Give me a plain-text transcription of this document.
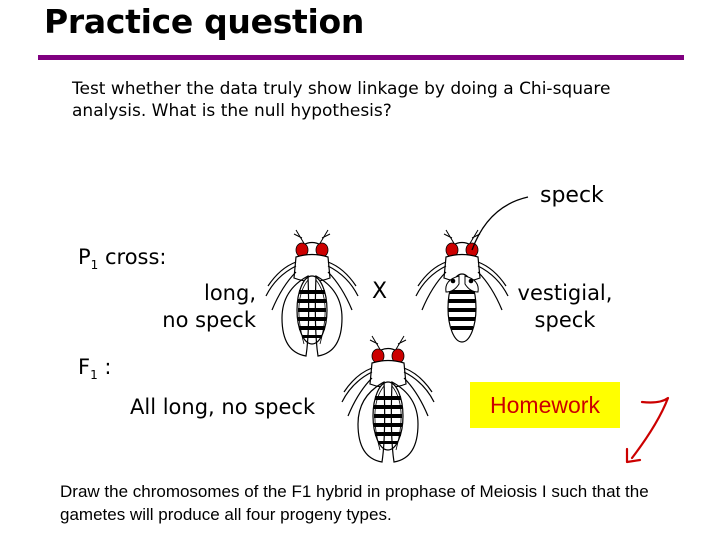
Practice question
Test whether the data truly show linkage by doing a Chi-square analysis. What is the null hypothesis?
speck
$P_1$ cross:
long,
no speck
X	vestigial,
speck
$F_1$ :
All long, no speck	Homework
Draw the chromosomes of the F1 hybrid in prophase of Meiosis I such that the gametes will produce all four progeny types.
